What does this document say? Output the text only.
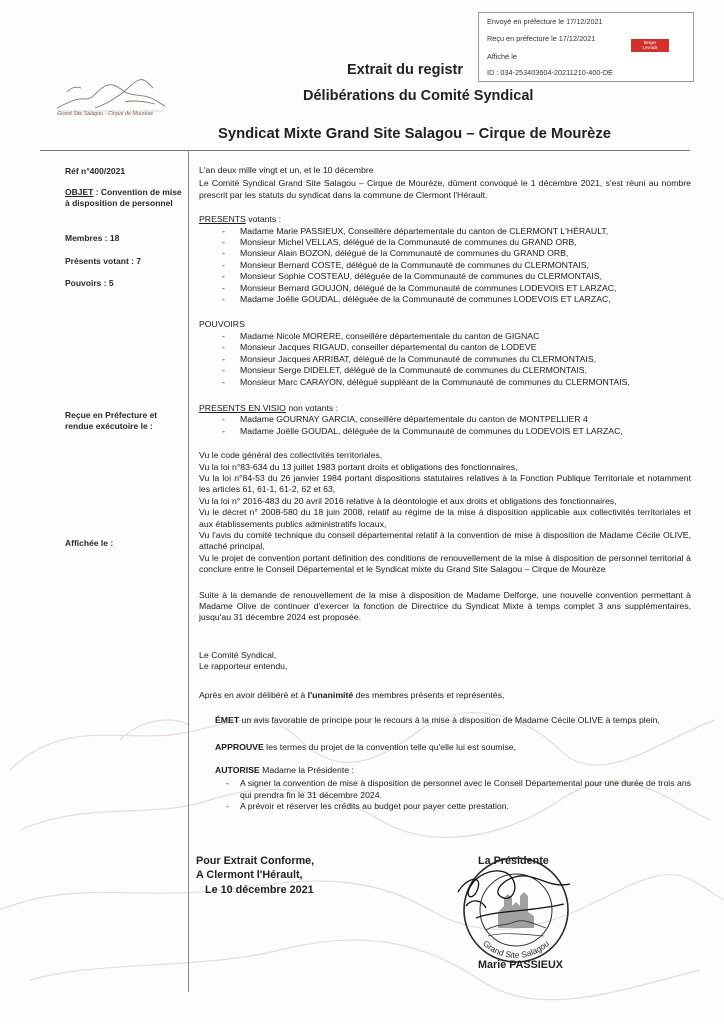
Envoyé en préfecture le 17/12/2021
Reçu en préfecture le 17/12/2021
Affiché le
ID : 034-253403604-20211210-400-DE
Berger
Levrault
Grand Site Salagou - Cirque de Mourèze
Extrait du registr
Délibérations du Comité Syndical
Syndicat Mixte Grand Site Salagou – Cirque de Mourèze
Réf n°400/2021
OBJET : Convention de mise à disposition de personnel
Membres : 18
Présents votant : 7
Pouvoirs : 5
Reçue en Préfecture et rendue exécutoire le :
Affichée le :

L'an deux mille vingt et un, et le 10 décembre

Le Comité Syndical Grand Site Salagou – Cirque de Mourèze, dûment convoqué le 1 décembre 2021, s'est réuni au nombre prescrit par les statuts du syndicat dans la commune de Clermont l'Hérault.

PRESENTS votants :

- Madame Marie PASSIEUX, Conseillère départementale du canton de CLERMONT L'HÉRAULT,
- Monsieur Michel VELLAS, délégué de la Communauté de communes du GRAND ORB,
- Monsieur Alain BOZON, délégué de la Communauté de communes du GRAND ORB,
- Monsieur Bernard COSTE, délégué de la Communauté de communes du CLERMONTAIS,
- Monsieur Sophie COSTEAU, déléguée de la Communauté de communes du CLERMONTAIS,
- Monsieur Bernard GOUJON, délégué de la Communauté de communes LODEVOIS ET LARZAC,
- Madame Joëlle GOUDAL, déléguée de la Communauté de communes LODEVOIS ET LARZAC,

POUVOIRS

- Madame Nicole MORERE, conseillère départementale du canton de GIGNAC
- Monsieur Jacques RIGAUD, conseiller départemental du canton de LODEVE
- Monsieur Jacques ARRIBAT, délégué de la Communauté de communes du CLERMONTAIS,
- Monsieur Serge DIDELET, délégué de la Communauté de communes du CLERMONTAIS,
- Monsieur Marc CARAYON, délégué suppléant de la Communauté de communes du CLERMONTAIS,

PRESENTS EN VISIO non votants :

- Madame GOURNAY GARCIA, conseillère départementale du canton de MONTPELLIER 4
- Madame Joëlle GOUDAL, déléguée de la Communauté de communes du LODEVOIS ET LARZAC,

Vu le code général des collectivités territoriales,

Vu la loi n°83-634 du 13 juillet 1983 portant droits et obligations des fonctionnaires,

Vu la loi n°84-53 du 26 janvier 1984 portant dispositions statutaires relatives à la Fonction Publique Territoriale et notamment les articles 61, 61-1, 61-2, 62 et 63,

Vu la loi n° 2016-483 du 20 avril 2016 relative à la déontologie et aux droits et obligations des fonctionnaires,

Vu le décret n° 2008-580 du 18 juin 2008, relatif au régime de la mise à disposition applicable aux collectivités territoriales et aux établissements publics administratifs locaux,

Vu l'avis du comité technique du conseil départemental relatif à la convention de mise à disposition de Madame Cécile OLIVE, attaché principal,

Vu le projet de convention portant définition des conditions de renouvellement de la mise à disposition de personnel territorial à conclure entre le Conseil Départemental et le Syndicat mixte du Grand Site Salagou – Cirque de Mourèze

Suite à la demande de renouvellement de la mise à disposition de Madame Delforge, une nouvelle convention permettant à Madame Olive de continuer d'exercer la fonction de Directrice du Syndicat Mixte à temps complet 3 ans supplémentaires, jusqu'au 31 décembre 2024 est proposée.

Le Comité Syndical,

Le rapporteur entendu,

Après en avoir délibéré et à l'unanimité des membres présents et représentés,

ÉMET un avis favorable de principe pour le recours à la mise à disposition de Madame Cécile OLIVE à temps plein,

APPROUVE les termes du projet de la convention telle qu'elle lui est soumise,

AUTORISE Madame la Présidente :

- A signer la convention de mise à disposition de personnel avec le Conseil Départemental pour une durée de trois ans qui prendra fin le 31 décembre 2024.
- A prévoir et réserver les crédits au budget pour payer cette prestation.
Pour Extrait Conforme,
A Clermont l'Hérault,
Le 10 décembre 2021
La Présidente
Grand Site Salagou
Marie PASSIEUX
